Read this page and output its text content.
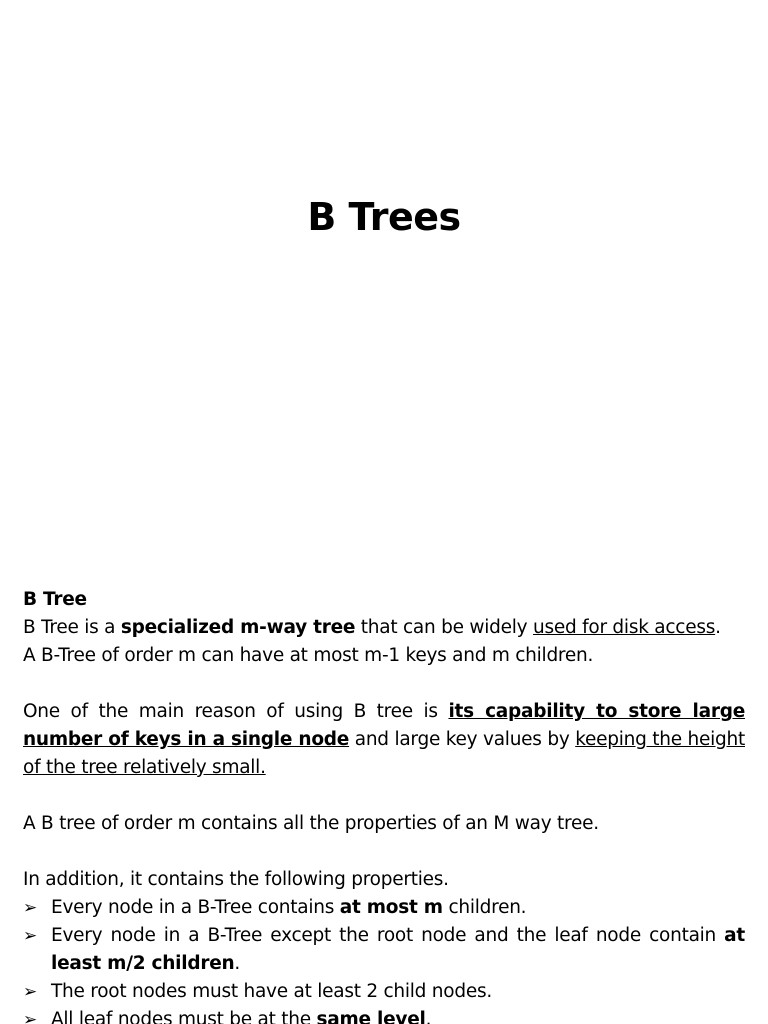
B Trees

B Tree

B Tree is a specialized m-way tree that can be widely used for disk access.

A B-Tree of order m can have at most m-1 keys and m children.

One of the main reason of using B tree is its capability to store large number of keys in a single node and large key values by keeping the height of the tree relatively small.

A B tree of order m contains all the properties of an M way tree.

In addition, it contains the following properties.

➢ Every node in a B-Tree contains at most m children.
➢ Every node in a B-Tree except the root node and the leaf node contain at least m/2 children.
➢ The root nodes must have at least 2 child nodes.
➢ All leaf nodes must be at the same level.
